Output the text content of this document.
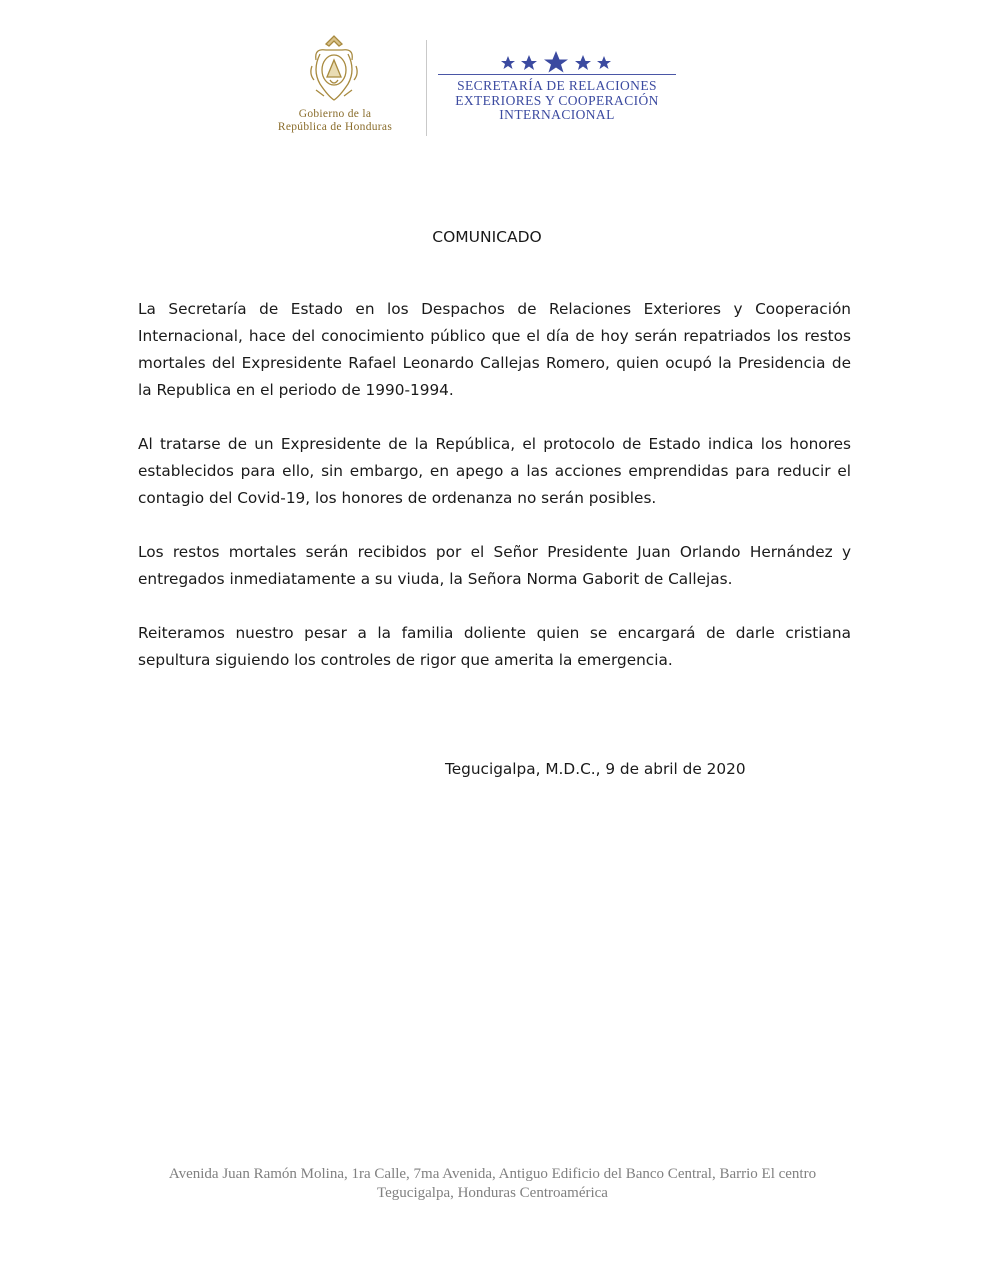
Gobierno de la
República de Honduras
SECRETARÍA DE RELACIONES
EXTERIORES Y COOPERACIÓN
INTERNACIONAL
COMUNICADO

La Secretaría de Estado en los Despachos de Relaciones Exteriores y Cooperación Internacional, hace del conocimiento público que el día de hoy serán repatriados los restos mortales del Expresidente Rafael Leonardo Callejas Romero, quien ocupó la Presidencia de la Republica en el periodo de 1990-1994.

Al tratarse de un Expresidente de la República, el protocolo de Estado indica los honores establecidos para ello, sin embargo, en apego a las acciones emprendidas para reducir el contagio del Covid-19, los honores de ordenanza no serán posibles.

Los restos mortales serán recibidos por el Señor Presidente Juan Orlando Hernández y entregados inmediatamente a su viuda, la Señora Norma Gaborit de Callejas.

Reiteramos nuestro pesar a la familia doliente quien se encargará de darle cristiana sepultura siguiendo los controles de rigor que amerita la emergencia.

Tegucigalpa, M.D.C., 9 de abril de 2020
Avenida Juan Ramón Molina, 1ra Calle, 7ma Avenida, Antiguo Edificio del Banco Central, Barrio El centro
Tegucigalpa, Honduras Centroamérica
